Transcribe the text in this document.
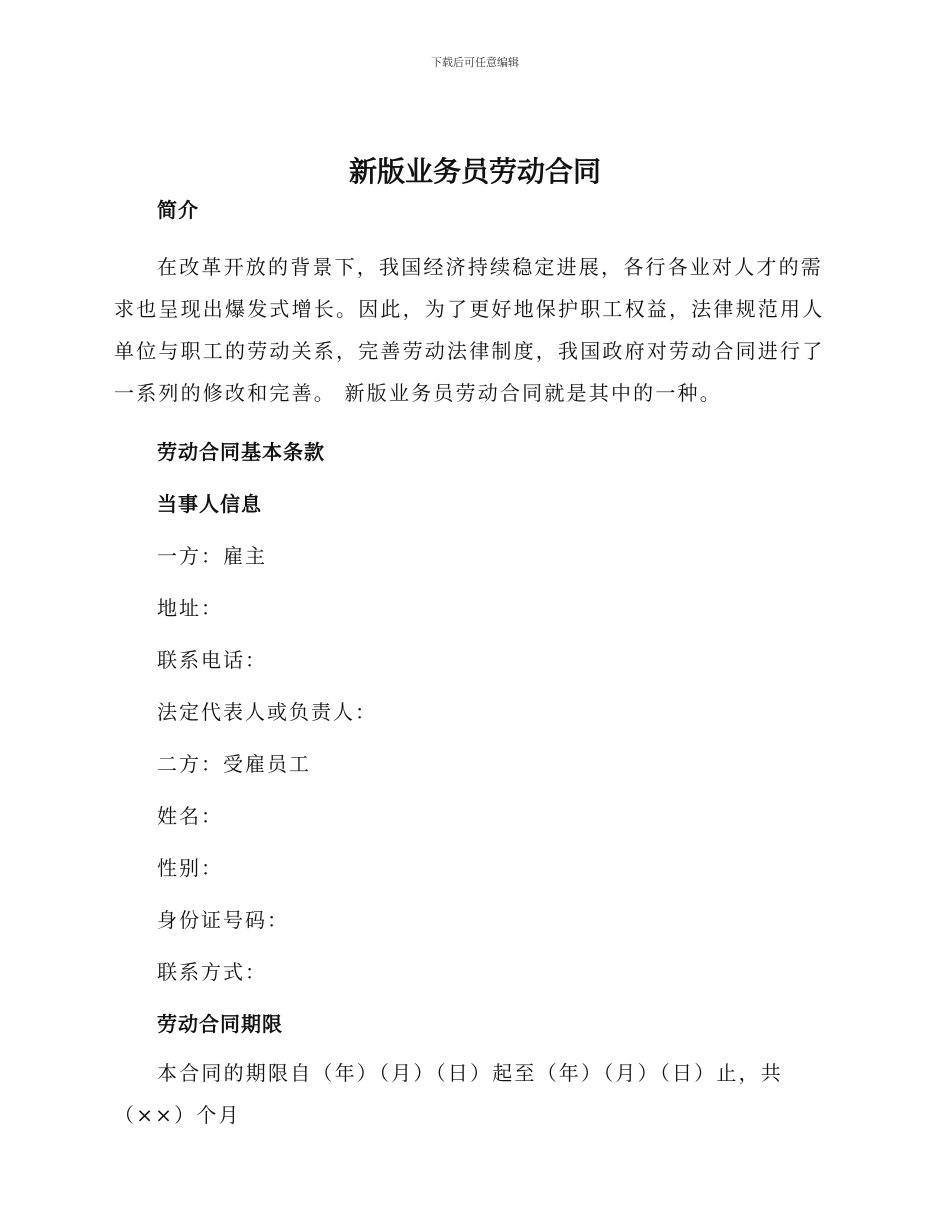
下载后可任意编辑
新版业务员劳动合同
简介
在改革开放的背景下，我国经济持续稳定进展，各行各业对人才的需求也呈现出爆发式增长。因此，为了更好地保护职工权益，法律规范用人单位与职工的劳动关系，完善劳动法律制度，我国政府对劳动合同进行了一系列的修改和完善。 新版业务员劳动合同就是其中的一种。
劳动合同基本条款
当事人信息
一方：雇主
地址：
联系电话：
法定代表人或负责人：
二方：受雇员工
姓名：
性别：
身份证号码：
联系方式：
劳动合同期限
本合同的期限自（年）（月）（日）起至（年）（月）（日）止，共（××）个月
